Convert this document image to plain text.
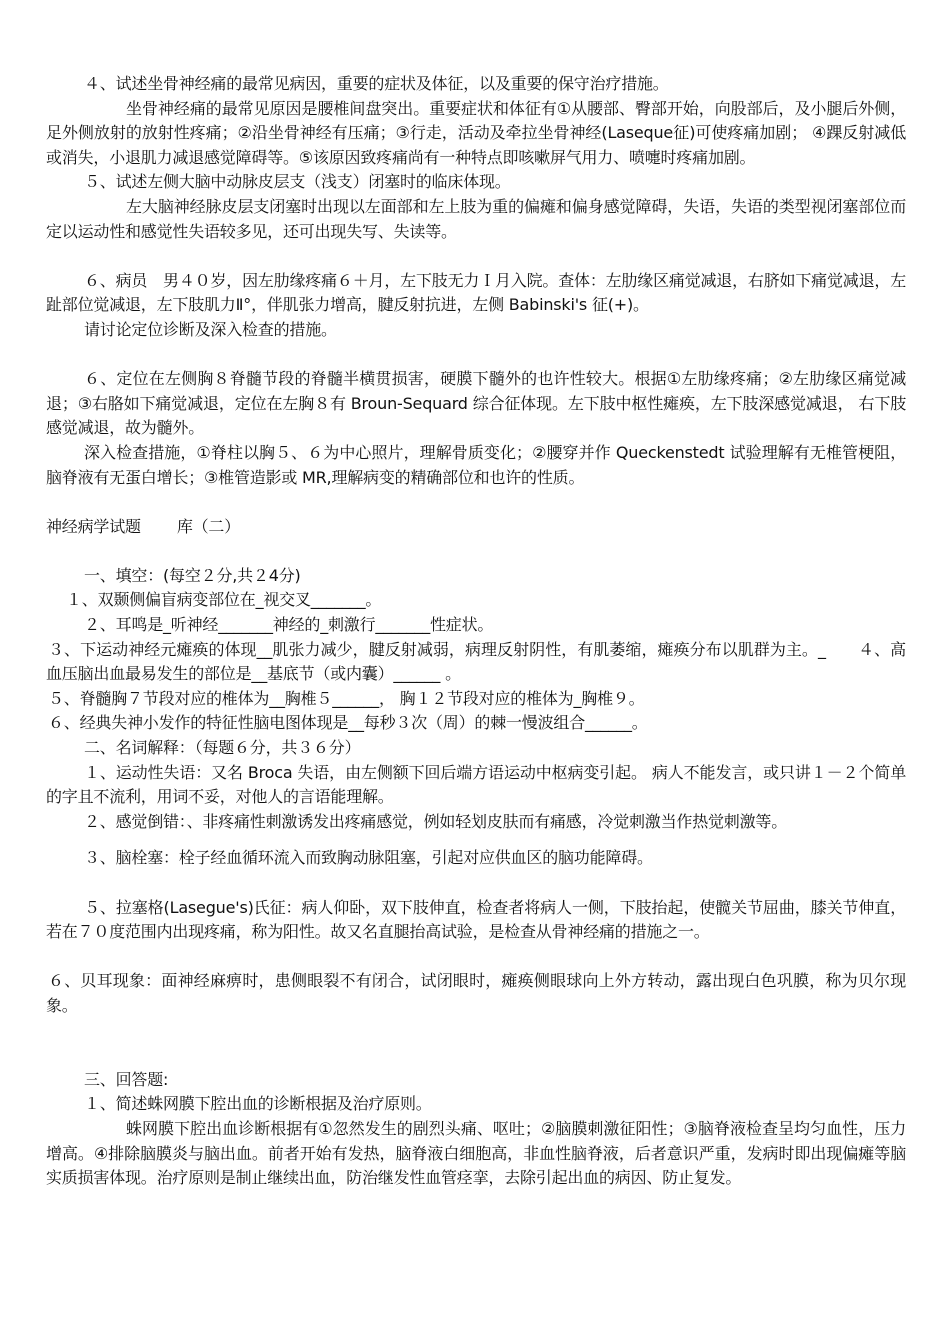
４、试述坐骨神经痛的最常见病因，重要的症状及体征，以及重要的保守治疗措施。

坐骨神经痛的最常见原因是腰椎间盘突出。重要症状和体征有①从腰部、臀部开始，向股部后，及小腿后外侧，足外侧放射的放射性疼痛；②沿坐骨神经有压痛；③行走，活动及牵拉坐骨神经(Laseque征)可使疼痛加剧； ④踝反射减低或消失，小退肌力减退感觉障碍等。⑤该原因致疼痛尚有一种特点即咳嗽屏气用力、喷嚏时疼痛加剧。

５、试述左侧大脑中动脉皮层支（浅支）闭塞时的临床体现。

左大脑神经脉皮层支闭塞时出现以左面部和左上肢为重的偏瘫和偏身感觉障碍，失语，失语的类型视闭塞部位而定以运动性和感觉性失语较多见，还可出现失写、失读等。

６、病员　男４０岁，因左肋缘疼痛６＋月，左下肢无力Ｉ月入院。查体：左肋缘区痛觉减退，右脐如下痛觉减退，左趾部位觉减退，左下肢肌力Ⅱ°，伴肌张力增高，腱反射抗进，左侧 Babinski's 征(+)。

请讨论定位诊断及深入检查的措施。

６、定位在左侧胸８脊髓节段的脊髓半横贯损害，硬膜下髓外的也许性较大。根据①左肋缘疼痛；②左肋缘区痛觉减退；③右胳如下痛觉减退，定位在左胸８有 Broun-Sequard 综合征体现。左下肢中枢性瘫痪，左下肢深感觉减退， 右下肢感觉减退，故为髓外。

深入检查措施，①脊柱以胸５、６为中心照片，理解骨质变化；②腰穿并作 Queckenstedt 试验理解有无椎管梗阻，脑脊液有无蛋白增长；③椎管造影或 MR,理解病变的精确部位和也许的性质。

神经病学试题 库（二）

一、填空：(每空２分,共２4分)

１、双颞侧偏盲病变部位在_视交叉_______。

２、耳鸣是_听神经_______神经的_刺激行_______性症状。

３、下运动神经元瘫痪的体现__肌张力减少，腱反射减弱，病理反射阴性，有肌萎缩，瘫痪分布以肌群为主。_　　４、高血压脑出血最易发生的部位是__基底节（或内囊）______ 。

５、脊髓胸７节段对应的椎体为__胸椎５______， 胸１２节段对应的椎体为_胸椎９。

６、经典失神小发作的特征性脑电图体现是__每秒３次（周）的棘一慢波组合______。

二、名词解释：（每题６分，共３６分）

１、运动性失语：又名 Broca 失语，由左侧额下回后端方语运动中枢病变引起。 病人不能发言，或只讲１－２个简单的字且不流利，用词不妥，对他人的言语能理解。

２、感觉倒错：、非疼痛性刺激诱发出疼痛感觉，例如轻划皮肤而有痛感，冷觉刺激当作热觉刺激等。

３、脑栓塞：栓子经血循环流入而致胸动脉阻塞，引起对应供血区的脑功能障碍。

５、拉塞格(Lasegue's)氏征：病人仰卧，双下肢伸直，检查者将病人一侧，下肢抬起，使髋关节屈曲，膝关节伸直，若在７０度范围内出现疼痛，称为阳性。故又名直腿抬高试验，是检查从骨神经痛的措施之一。

６、贝耳现象：面神经麻痹时，患侧眼裂不有闭合，试闭眼时，瘫痪侧眼球向上外方转动，露出现白色巩膜，称为贝尔现象。

三、回答题:

１、简述蛛网膜下腔出血的诊断根据及治疗原则。

蛛网膜下腔出血诊断根据有①忽然发生的剧烈头痛、呕吐；②脑膜刺激征阳性；③脑脊液检查呈均匀血性，压力增高。④排除脑膜炎与脑出血。前者开始有发热，脑脊液白细胞高，非血性脑脊液，后者意识严重，发病时即出现偏瘫等脑实质损害体现。治疗原则是制止继续出血，防治继发性血管痉挛，去除引起出血的病因、防止复发。
